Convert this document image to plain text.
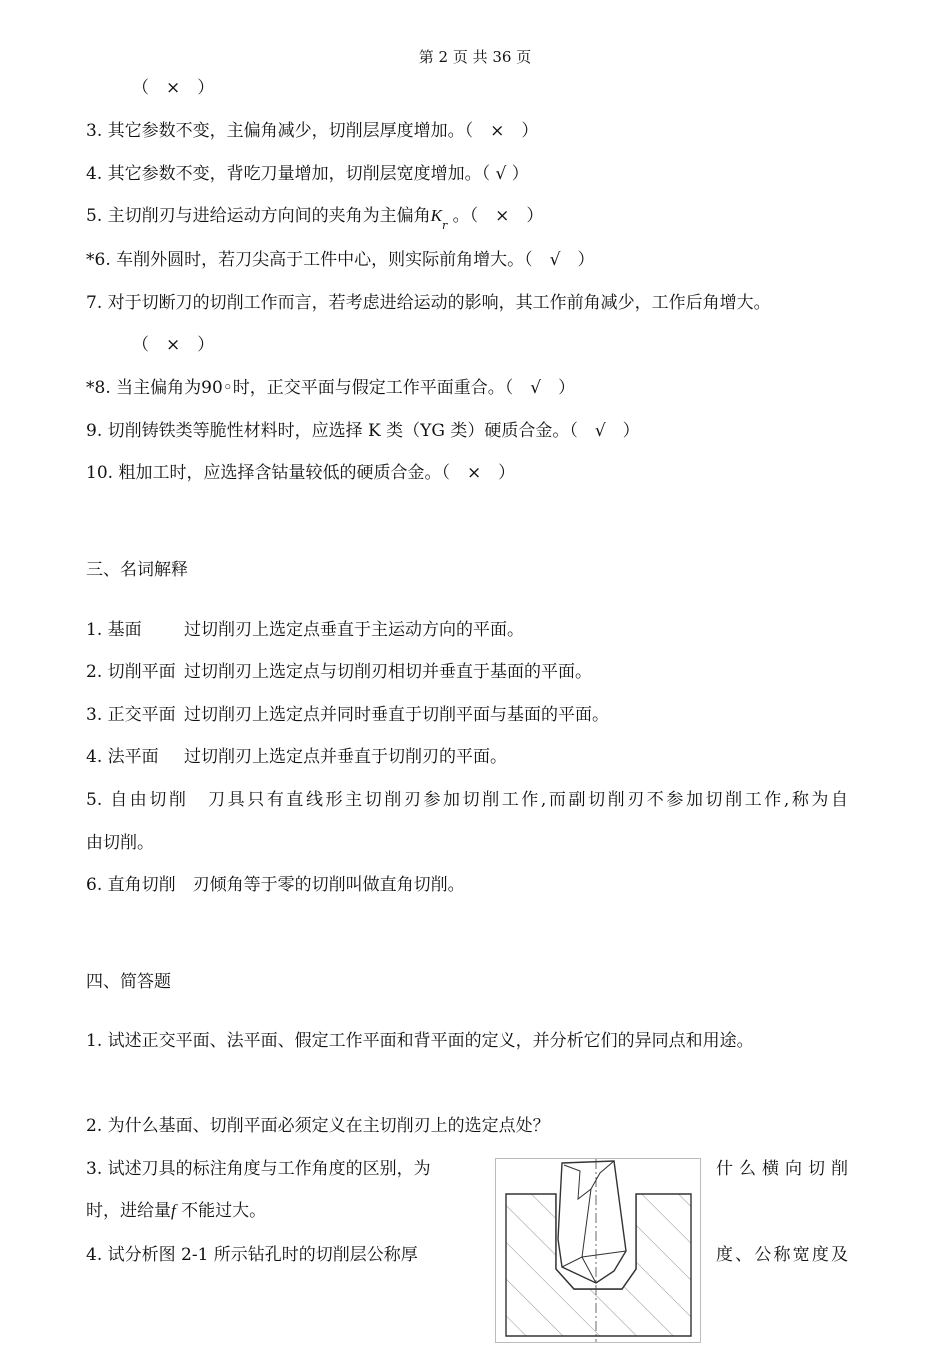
第 2 页 共 36 页
（　×　）
3. 其它参数不变，主偏角减少，切削层厚度增加。（　×　）
4. 其它参数不变，背吃刀量增加，切削层宽度增加。（ √ ）
5. 主切削刃与进给运动方向间的夹角为主偏角$K_r$ 。（　×　）
*6. 车削外圆时，若刀尖高于工件中心，则实际前角增大。（　√　）
7. 对于切断刀的切削工作而言，若考虑进给运动的影响，其工作前角减少，工作后角增大。
（　×　）
*8. 当主偏角为90◦时，正交平面与假定工作平面重合。（　√　）
9. 切削铸铁类等脆性材料时，应选择 K 类（YG 类）硬质合金。（　√　）
10. 粗加工时，应选择含钴量较低的硬质合金。（　×　）
三、名词解释
1. 基面 过切削刃上选定点垂直于主运动方向的平面。
2. 切削平面 过切削刃上选定点与切削刃相切并垂直于基面的平面。
3. 正交平面 过切削刃上选定点并同时垂直于切削平面与基面的平面。
4. 法平面 过切削刃上选定点并垂直于切削刃的平面。
5. 自由切削　刀具只有直线形主切削刃参加切削工作,而副切削刃不参加切削工作,称为自
由切削。
6. 直角切削　刃倾角等于零的切削叫做直角切削。
四、简答题
1. 试述正交平面、法平面、假定工作平面和背平面的定义，并分析它们的异同点和用途。
2. 为什么基面、切削平面必须定义在主切削刃上的选定点处？
3. 试述刀具的标注角度与工作角度的区别，为	什么横向切削
时，进给量f 不能过大。
4. 试分析图 2-1 所示钻孔时的切削层公称厚	度、公称宽度及
